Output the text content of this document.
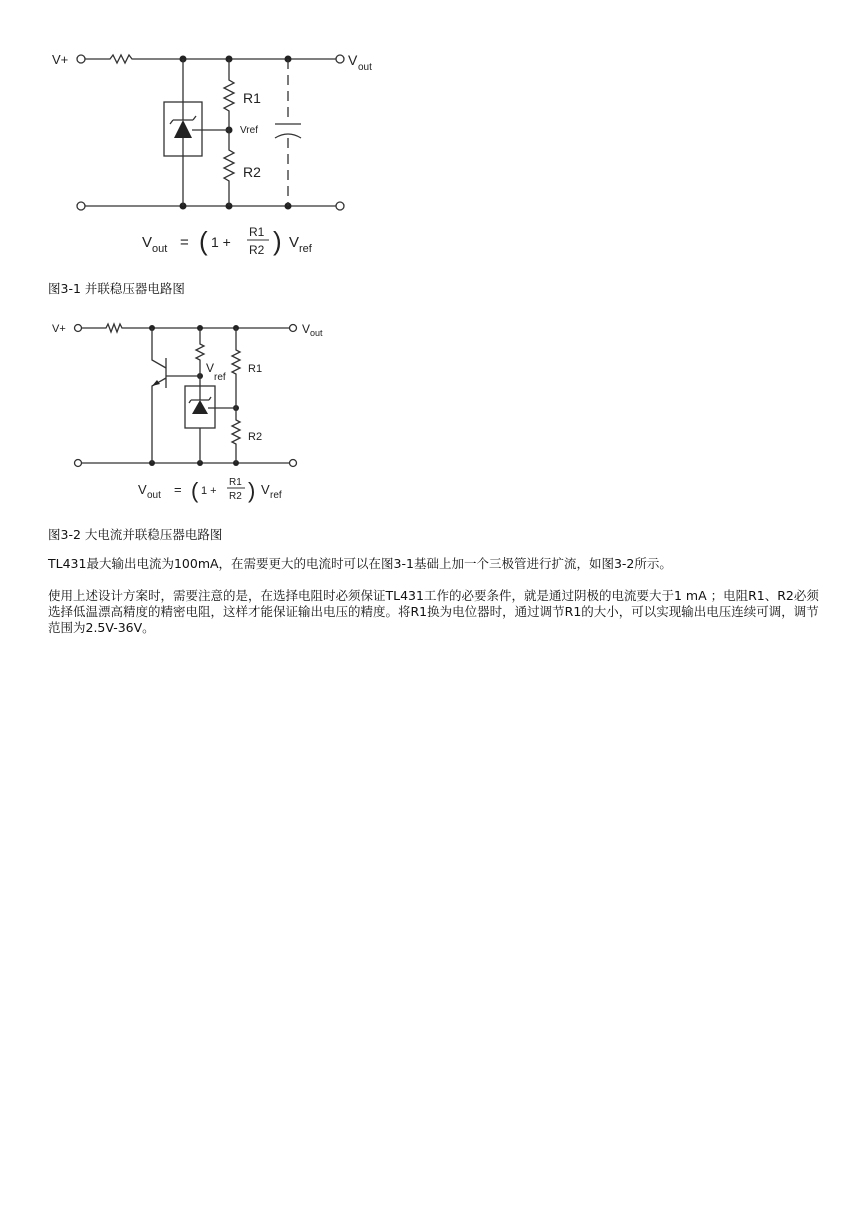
V+	V out
R1
Vref
R2
V out = ( 1 +
R1
R2 ) V ref
图3-1 并联稳压器电路图
V+	V out
V
ref
R1
R2
V out = ( 1 +
R1
R2 ) V ref
图3-2 大电流并联稳压器电路图

TL431最大输出电流为100mA，在需要更大的电流时可以在图3-1基础上加一个三极管进行扩流，如图3-2所示。

使用上述设计方案时，需要注意的是，在选择电阻时必须保证TL431工作的必要条件，就是通过阴极的电流要大于1 mA ；电阻R1、R2必须选择低温漂高精度的精密电阻，这样才能保证输出电压的精度。将R1换为电位器时，通过调节R1的大小，可以实现输出电压连续可调，调节范围为2.5V-36V。
